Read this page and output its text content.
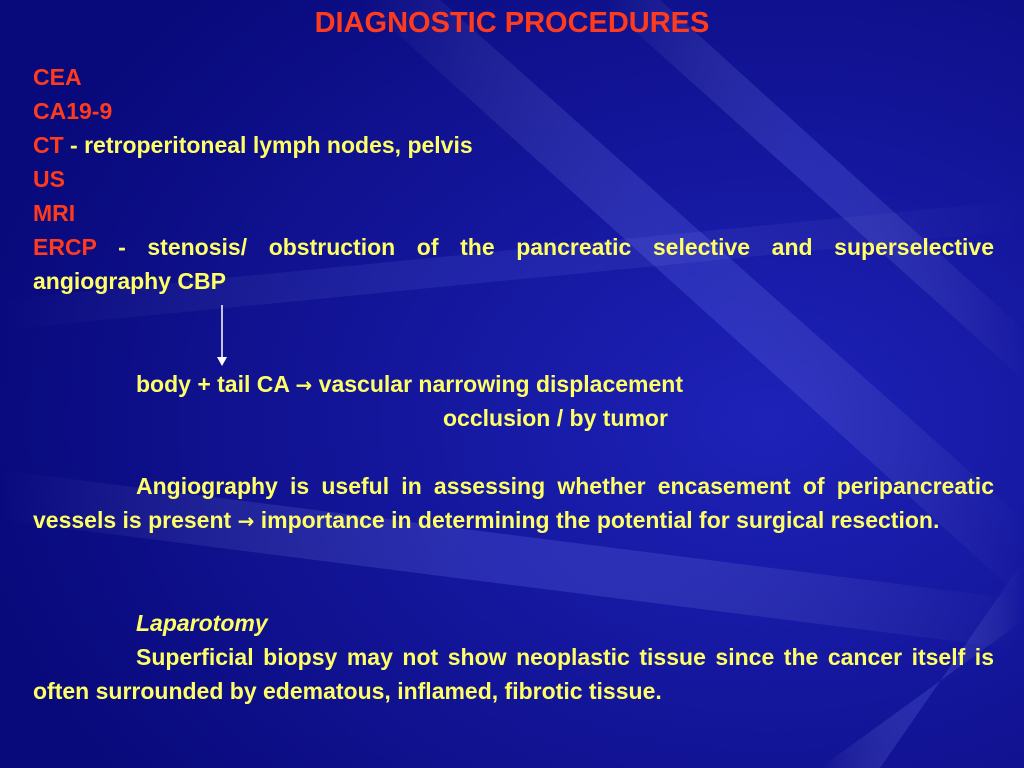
DIAGNOSTIC PROCEDURES
CEA
CA19-9
CT - retroperitoneal lymph nodes, pelvis
US
MRI
ERCP - stenosis/ obstruction of the pancreatic selective and superselective angiography CBP
body + tail CA → vascular narrowing displacement
occlusion / by tumor
Angiography is useful in assessing whether encasement of peripancreatic vessels is present → importance in determining the potential for surgical resection.
Laparotomy
Superficial biopsy may not show neoplastic tissue since the cancer itself is often surrounded by edematous, inflamed, fibrotic tissue.
